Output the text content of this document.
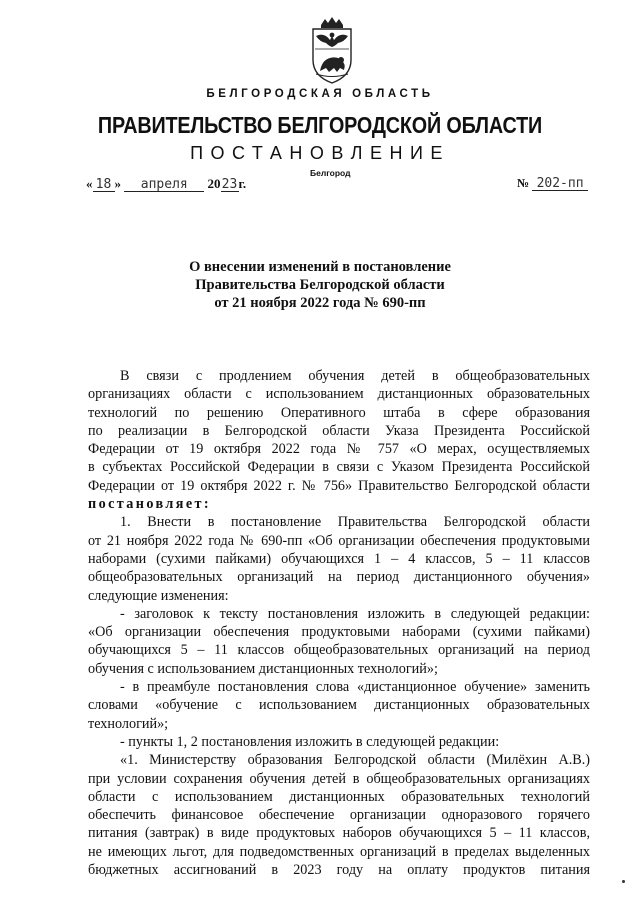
БЕЛГОРОДСКАЯ ОБЛАСТЬ
ПРАВИТЕЛЬСТВО БЕЛГОРОДСКОЙ ОБЛАСТИ
ПОСТАНОВЛЕНИЕ
Белгород
« 18 » апреля 2023г.	№ 202-пп
О внесении изменений в постановление
Правительства Белгородской области
от 21 ноября 2022 года № 690-пп

В связи с продлением обучения детей в общеобразовательных

организациях области с использованием дистанционных образовательных

технологий по решению Оперативного штаба в сфере образования

по реализации в Белгородской области Указа Президента Российской

Федерации от 19 октября 2022 года № 757 «О мерах, осуществляемых

в субъектах Российской Федерации в связи с Указом Президента Российской

Федерации от 19 октября 2022 г. № 756» Правительство Белгородской области

постановляет:

1. Внести в постановление Правительства Белгородской области

от 21 ноября 2022 года № 690-пп «Об организации обеспечения продуктовыми

наборами (сухими пайками) обучающихся 1 – 4 классов, 5 – 11 классов

общеобразовательных организаций на период дистанционного обучения»

следующие изменения:

- заголовок к тексту постановления изложить в следующей редакции:

«Об организации обеспечения продуктовыми наборами (сухими пайками)

обучающихся 5 – 11 классов общеобразовательных организаций на период

обучения с использованием дистанционных технологий»;

- в преамбуле постановления слова «дистанционное обучение» заменить

словами «обучение с использованием дистанционных образовательных

технологий»;

- пункты 1, 2 постановления изложить в следующей редакции:

«1. Министерству образования Белгородской области (Милёхин А.В.)

при условии сохранения обучения детей в общеобразовательных организациях

области с использованием дистанционных образовательных технологий

обеспечить финансовое обеспечение организации одноразового горячего

питания (завтрак) в виде продуктовых наборов обучающихся 5 – 11 классов,

не имеющих льгот, для подведомственных организаций в пределах выделенных

бюджетных ассигнований в 2023 году на оплату продуктов питания
